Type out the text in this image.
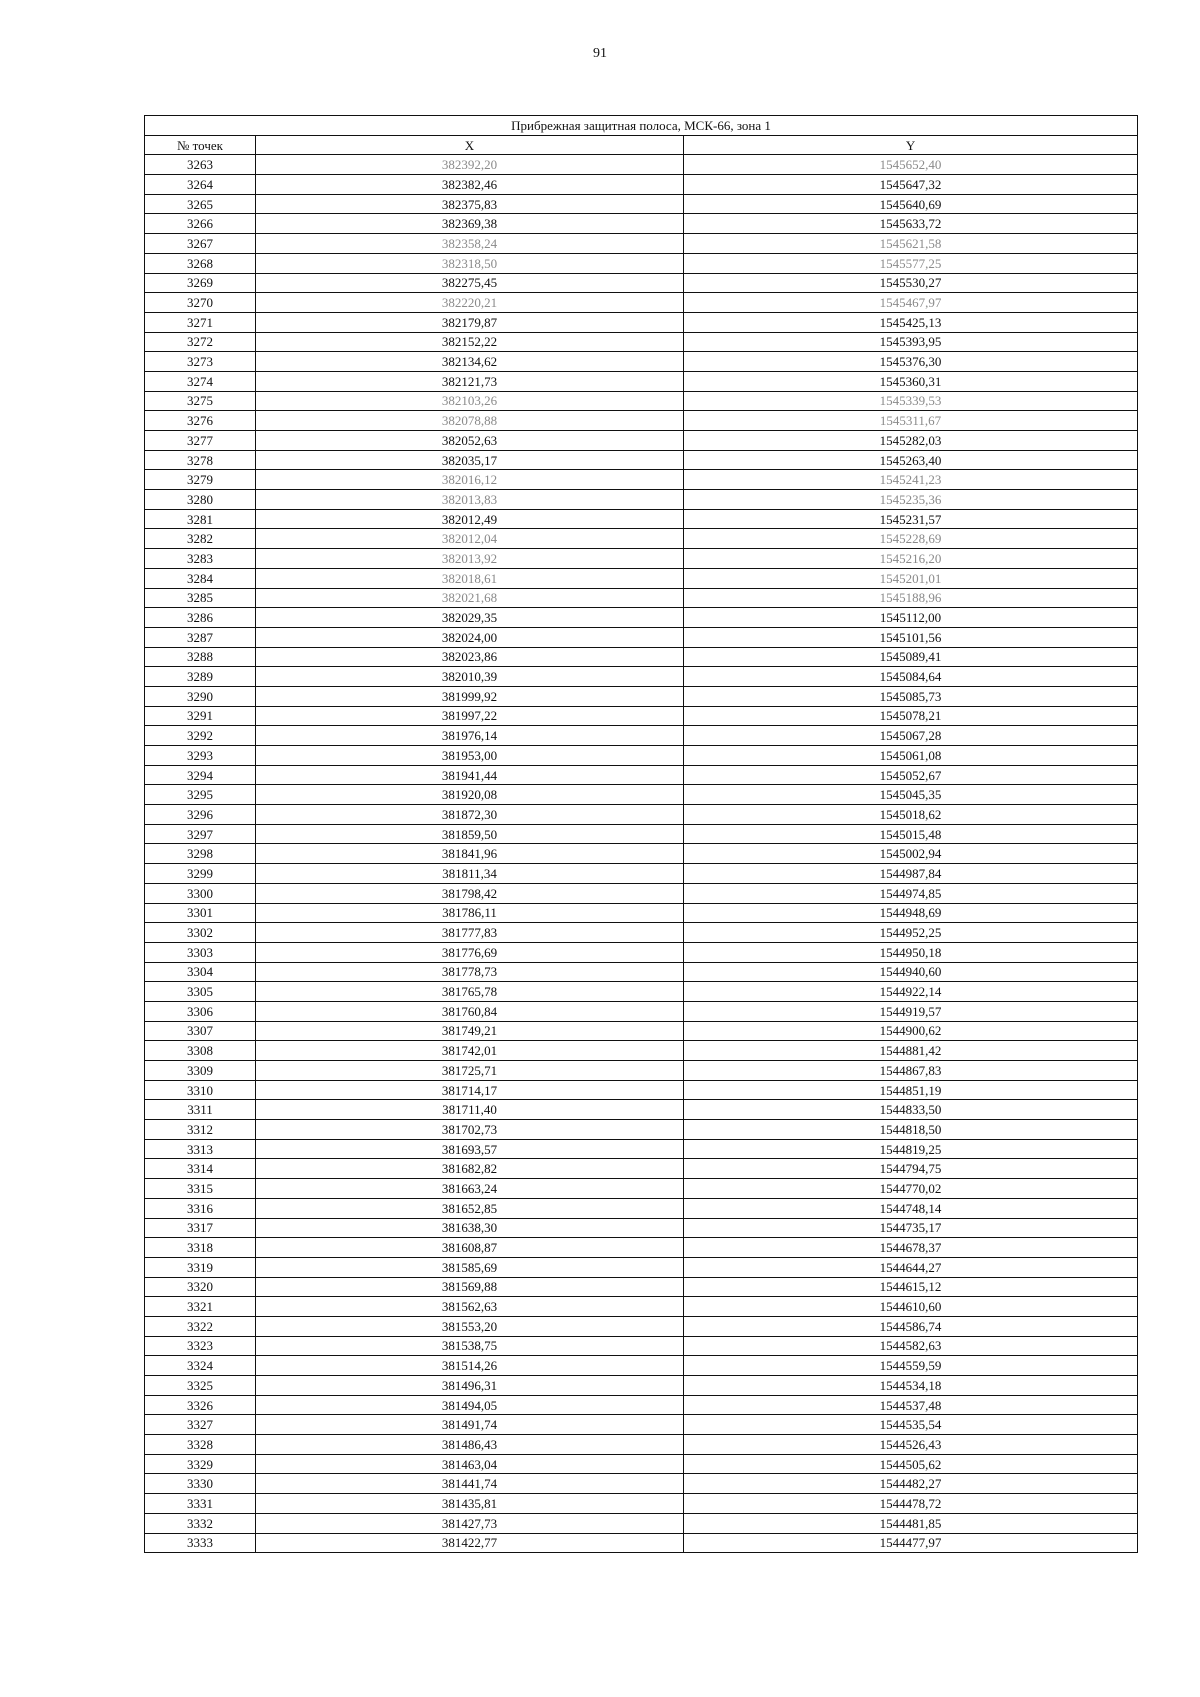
91
Прибрежная защитная полоса, МСК-66, зона 1		
№ точек	X	Y
3263	382392,20	1545652,40
3264	382382,46	1545647,32
3265	382375,83	1545640,69
3266	382369,38	1545633,72
3267	382358,24	1545621,58
3268	382318,50	1545577,25
3269	382275,45	1545530,27
3270	382220,21	1545467,97
3271	382179,87	1545425,13
3272	382152,22	1545393,95
3273	382134,62	1545376,30
3274	382121,73	1545360,31
3275	382103,26	1545339,53
3276	382078,88	1545311,67
3277	382052,63	1545282,03
3278	382035,17	1545263,40
3279	382016,12	1545241,23
3280	382013,83	1545235,36
3281	382012,49	1545231,57
3282	382012,04	1545228,69
3283	382013,92	1545216,20
3284	382018,61	1545201,01
3285	382021,68	1545188,96
3286	382029,35	1545112,00
3287	382024,00	1545101,56
3288	382023,86	1545089,41
3289	382010,39	1545084,64
3290	381999,92	1545085,73
3291	381997,22	1545078,21
3292	381976,14	1545067,28
3293	381953,00	1545061,08
3294	381941,44	1545052,67
3295	381920,08	1545045,35
3296	381872,30	1545018,62
3297	381859,50	1545015,48
3298	381841,96	1545002,94
3299	381811,34	1544987,84
3300	381798,42	1544974,85
3301	381786,11	1544948,69
3302	381777,83	1544952,25
3303	381776,69	1544950,18
3304	381778,73	1544940,60
3305	381765,78	1544922,14
3306	381760,84	1544919,57
3307	381749,21	1544900,62
3308	381742,01	1544881,42
3309	381725,71	1544867,83
3310	381714,17	1544851,19
3311	381711,40	1544833,50
3312	381702,73	1544818,50
3313	381693,57	1544819,25
3314	381682,82	1544794,75
3315	381663,24	1544770,02
3316	381652,85	1544748,14
3317	381638,30	1544735,17
3318	381608,87	1544678,37
3319	381585,69	1544644,27
3320	381569,88	1544615,12
3321	381562,63	1544610,60
3322	381553,20	1544586,74
3323	381538,75	1544582,63
3324	381514,26	1544559,59
3325	381496,31	1544534,18
3326	381494,05	1544537,48
3327	381491,74	1544535,54
3328	381486,43	1544526,43
3329	381463,04	1544505,62
3330	381441,74	1544482,27
3331	381435,81	1544478,72
3332	381427,73	1544481,85
3333	381422,77	1544477,97
